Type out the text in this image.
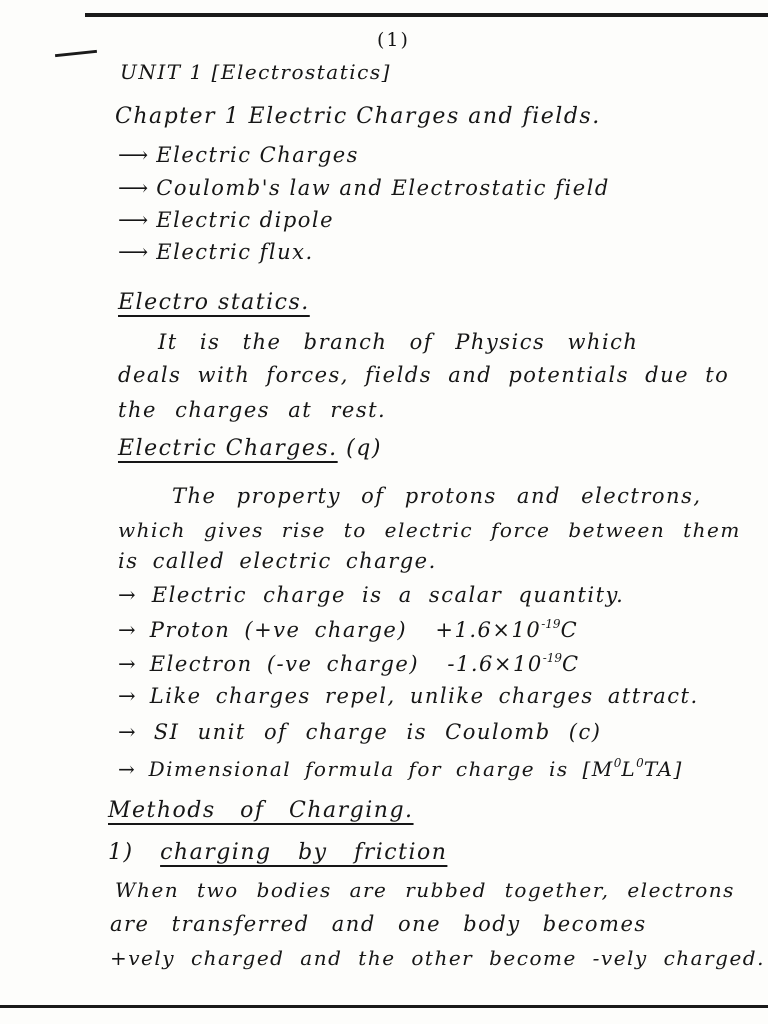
(1)
UNIT 1 [Electrostatics]
Chapter 1 Electric Charges and fields.
⟶ Electric Charges
⟶ Coulomb's law and Electrostatic field
⟶ Electric dipole
⟶ Electric flux.
Electro statics.
It is the branch of Physics which
deals with forces, fields and potentials due to
the charges at rest.
Electric Charges. (q)
The property of protons and electrons,
which gives rise to electric force between them
is called electric charge.
→ Electric charge is a scalar quantity.
→ Proton (+ve charge) $+1.6\times 10^{-19}C$
→ Electron (-ve charge) $-1.6\times 10^{-19}C$
→ Like charges repel, unlike charges attract.
→ SI unit of charge is Coulomb (c)
→ Dimensional formula for charge is $[M^0L^0TA]$
Methods of Charging.
1) charging by friction
When two bodies are rubbed together, electrons
are transferred and one body becomes
+vely charged and the other become -vely charged.
